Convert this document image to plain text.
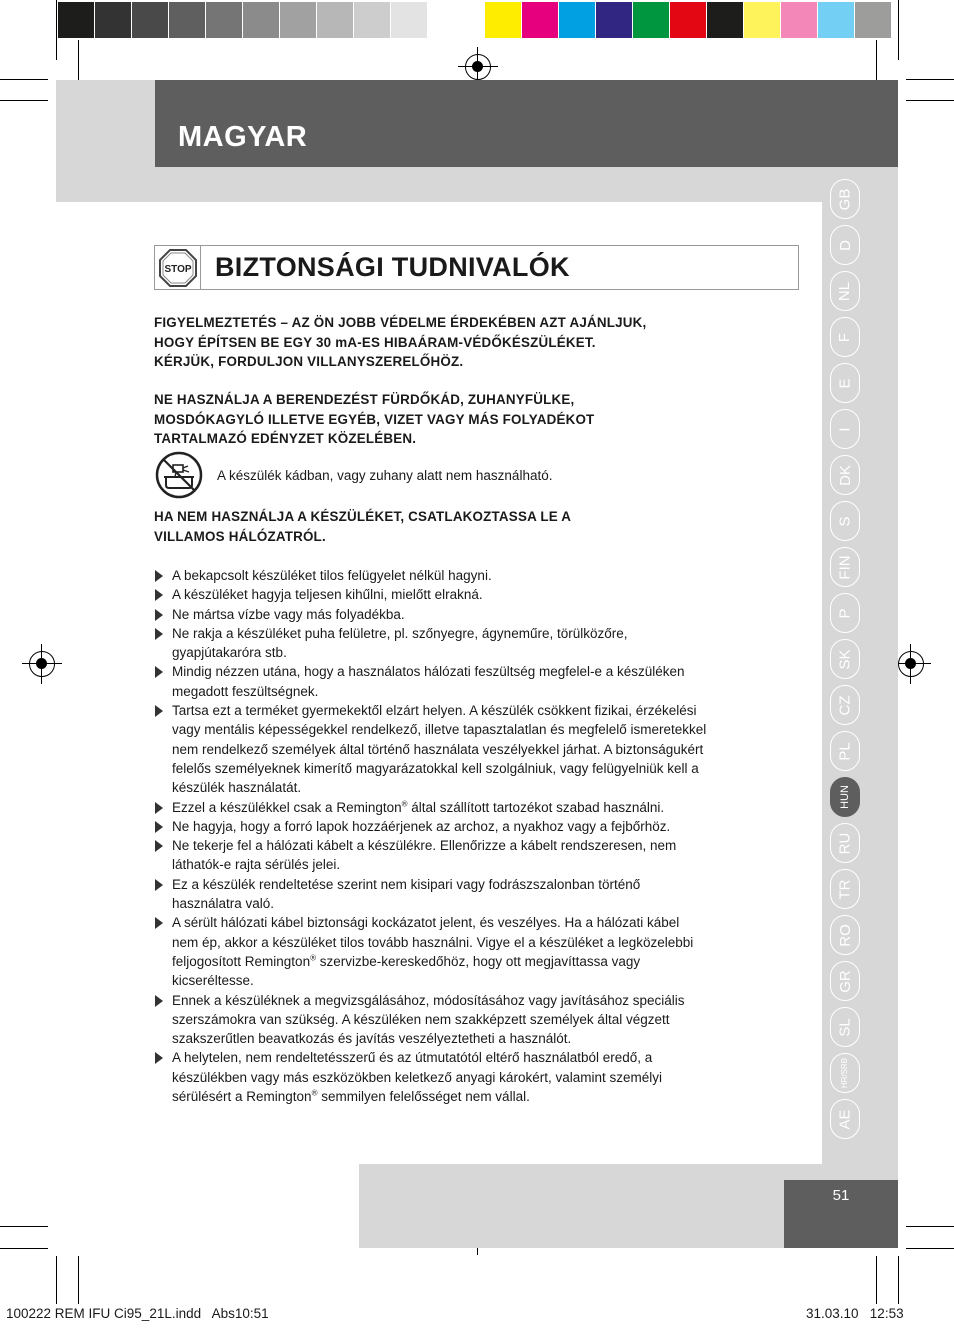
MAGYAR
GB
D
NL
F
E
I
DK
S
FIN
P
SK
CZ
PL
HUN
RU
TR
RO
GR
SL
HR/SRB
AE
STOP BIZTONSÁGI TUDNIVALÓK
FIGYELMEZTETÉS – AZ ÖN JOBB VÉDELME ÉRDEKÉBEN AZT AJÁNLJUK,
HOGY ÉPÍTSEN BE EGY 30 mA-ES HIBAÁRAM-VÉDŐKÉSZÜLÉKET.
KÉRJÜK, FORDULJON VILLANYSZERELŐHÖZ.
NE HASZNÁLJA A BERENDEZÉST FÜRDŐKÁD, ZUHANYFÜLKE,
MOSDÓKAGYLÓ ILLETVE EGYÉB, VIZET VAGY MÁS FOLYADÉKOT
TARTALMAZÓ EDÉNYZET KÖZELÉBEN.
A készülék kádban, vagy zuhany alatt nem használható.
HA NEM HASZNÁLJA A KÉSZÜLÉKET, CSATLAKOZTASSA LE A
VILLAMOS HÁLÓZATRÓL.
A bekapcsolt készüléket tilos felügyelet nélkül hagyni.
A készüléket hagyja teljesen kihűlni, mielőtt elrakná.
Ne mártsa vízbe vagy más folyadékba.
Ne rakja a készüléket puha felületre, pl. szőnyegre, ágyneműre, törülközőre,
gyapjútakaróra stb.
Mindig nézzen utána, hogy a használatos hálózati feszültség megfelel-e a készüléken
megadott feszültségnek.
Tartsa ezt a terméket gyermekektől elzárt helyen. A készülék csökkent fizikai, érzékelési
vagy mentális képességekkel rendelkező, illetve tapasztalatlan és megfelelő ismeretekkel
nem rendelkező személyek által történő használata veszélyekkel járhat. A biztonságukért
felelős személyeknek kimerítő magyarázatokkal kell szolgálniuk, vagy felügyelniük kell a
készülék használatát.
Ezzel a készülékkel csak a Remington® által szállított tartozékot szabad használni.
Ne hagyja, hogy a forró lapok hozzáérjenek az archoz, a nyakhoz vagy a fejbőrhöz.
Ne tekerje fel a hálózati kábelt a készülékre. Ellenőrizze a kábelt rendszeresen, nem
láthatók-e rajta sérülés jelei.
Ez a készülék rendeltetése szerint nem kisipari vagy fodrászszalonban történő
használatra való.
A sérült hálózati kábel biztonsági kockázatot jelent, és veszélyes. Ha a hálózati kábel
nem ép, akkor a készüléket tilos tovább használni. Vigye el a készüléket a legközelebbi
feljogosított Remington® szervizbe-kereskedőhöz, hogy ott megjavíttassa vagy
kicseréltesse.
Ennek a készüléknek a megvizsgálásához, módosításához vagy javításához speciális
szerszámokra van szükség. A készüléken nem szakképzett személyek által végzett
szakszerűtlen beavatkozás és javítás veszélyeztetheti a használót.
A helytelen, nem rendeltetésszerű és az útmutatótól eltérő használatból eredő, a
készülékben vagy más eszközökben keletkező anyagi károkért, valamint személyi
sérülésért a Remington® semmilyen felelősséget nem vállal.
51
100222 REM IFU Ci95_21L.indd   Abs10:51	31.03.10   12:53
